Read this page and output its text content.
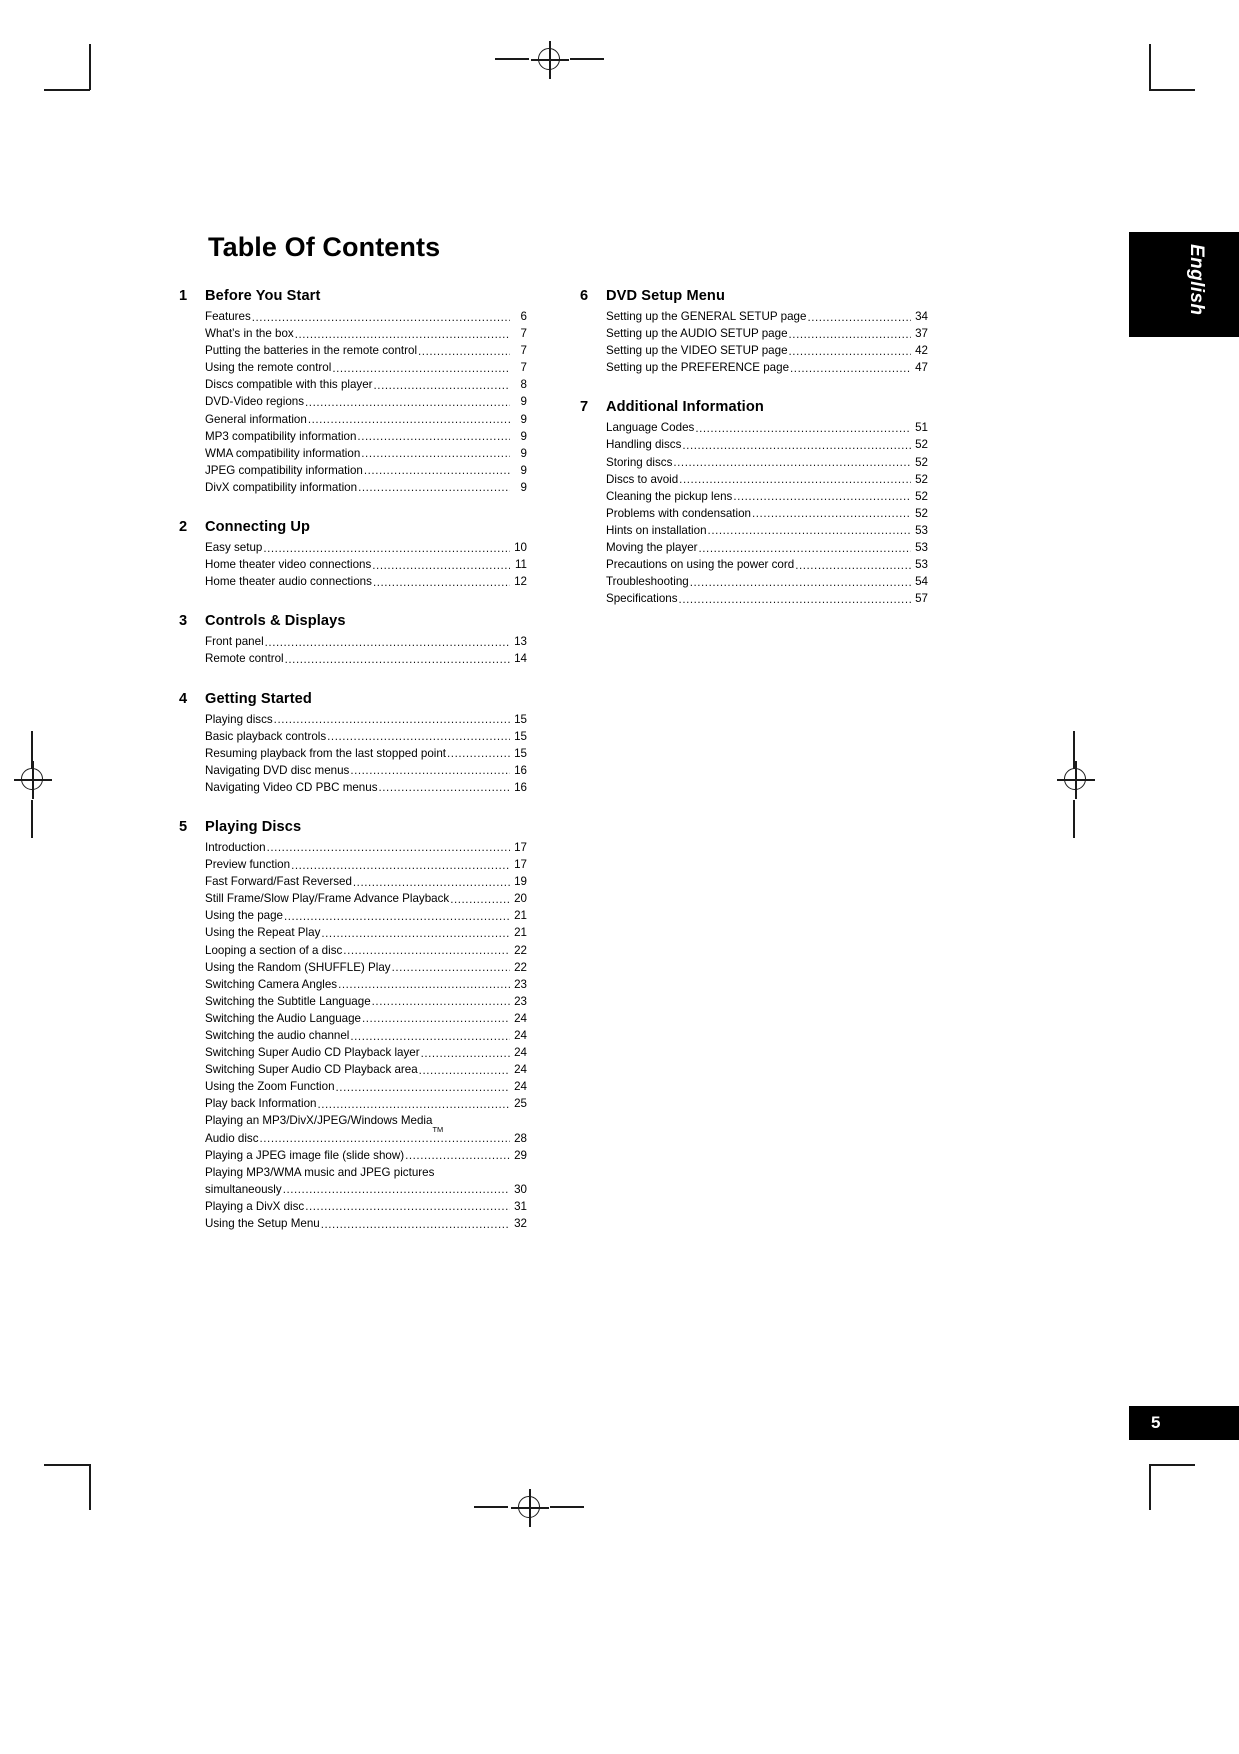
Table Of Contents	English
5
1	Before You Start
Features .....	6
What’s in the box .....	7
Putting the batteries in the remote control .....	7
Using the remote control .....	7
Discs compatible with this player .....	8
DVD-Video regions .....	9
General information .....	9
MP3 compatibility information .....	9
WMA compatibility information .....	9
JPEG compatibility information .....	9
DivX compatibility information .....	9
2	Connecting Up
Easy setup .....	10
Home theater video connections .....	11
Home theater audio connections .....	12
3	Controls & Displays
Front panel .....	13
Remote control .....	14
4	Getting Started
Playing discs .....	15
Basic playback controls .....	15
Resuming playback from the last stopped point .....	15
Navigating DVD disc menus .....	16
Navigating Video CD PBC menus .....	16
5	Playing Discs
Introduction .....	17
Preview function .....	17
Fast Forward/Fast Reversed .....	19
Still Frame/Slow Play/Frame Advance Playback .....	20
Using the page .....	21
Using the Repeat Play .....	21
Looping a section of a disc .....	22
Using the Random (SHUFFLE) Play .....	22
Switching Camera Angles .....	23
Switching the Subtitle Language .....	23
Switching the Audio Language .....	24
Switching the audio channel .....	24
Switching Super Audio CD Playback layer .....	24
Switching Super Audio CD Playback area .....	24
Using the Zoom Function .....	24
Play back Information .....	25
Playing an MP3/DivX/JPEG/Windows Media
TM
Audio disc .....	28
Playing a JPEG image file (slide show) .....	29
Playing MP3/WMA music and JPEG pictures
simultaneously .....	30
Playing a DivX disc .....	31
Using the Setup Menu .....	32
6	DVD Setup Menu
Setting up the GENERAL SETUP page .....	34
Setting up the AUDIO SETUP page .....	37
Setting up the VIDEO SETUP page .....	42
Setting up the PREFERENCE page .....	47
7	Additional Information
Language Codes .....	51
Handling discs .....	52
Storing discs .....	52
Discs to avoid .....	52
Cleaning the pickup lens .....	52
Problems with condensation .....	52
Hints on installation .....	53
Moving the player .....	53
Precautions on using the power cord .....	53
Troubleshooting .....	54
Specifications .....	57
